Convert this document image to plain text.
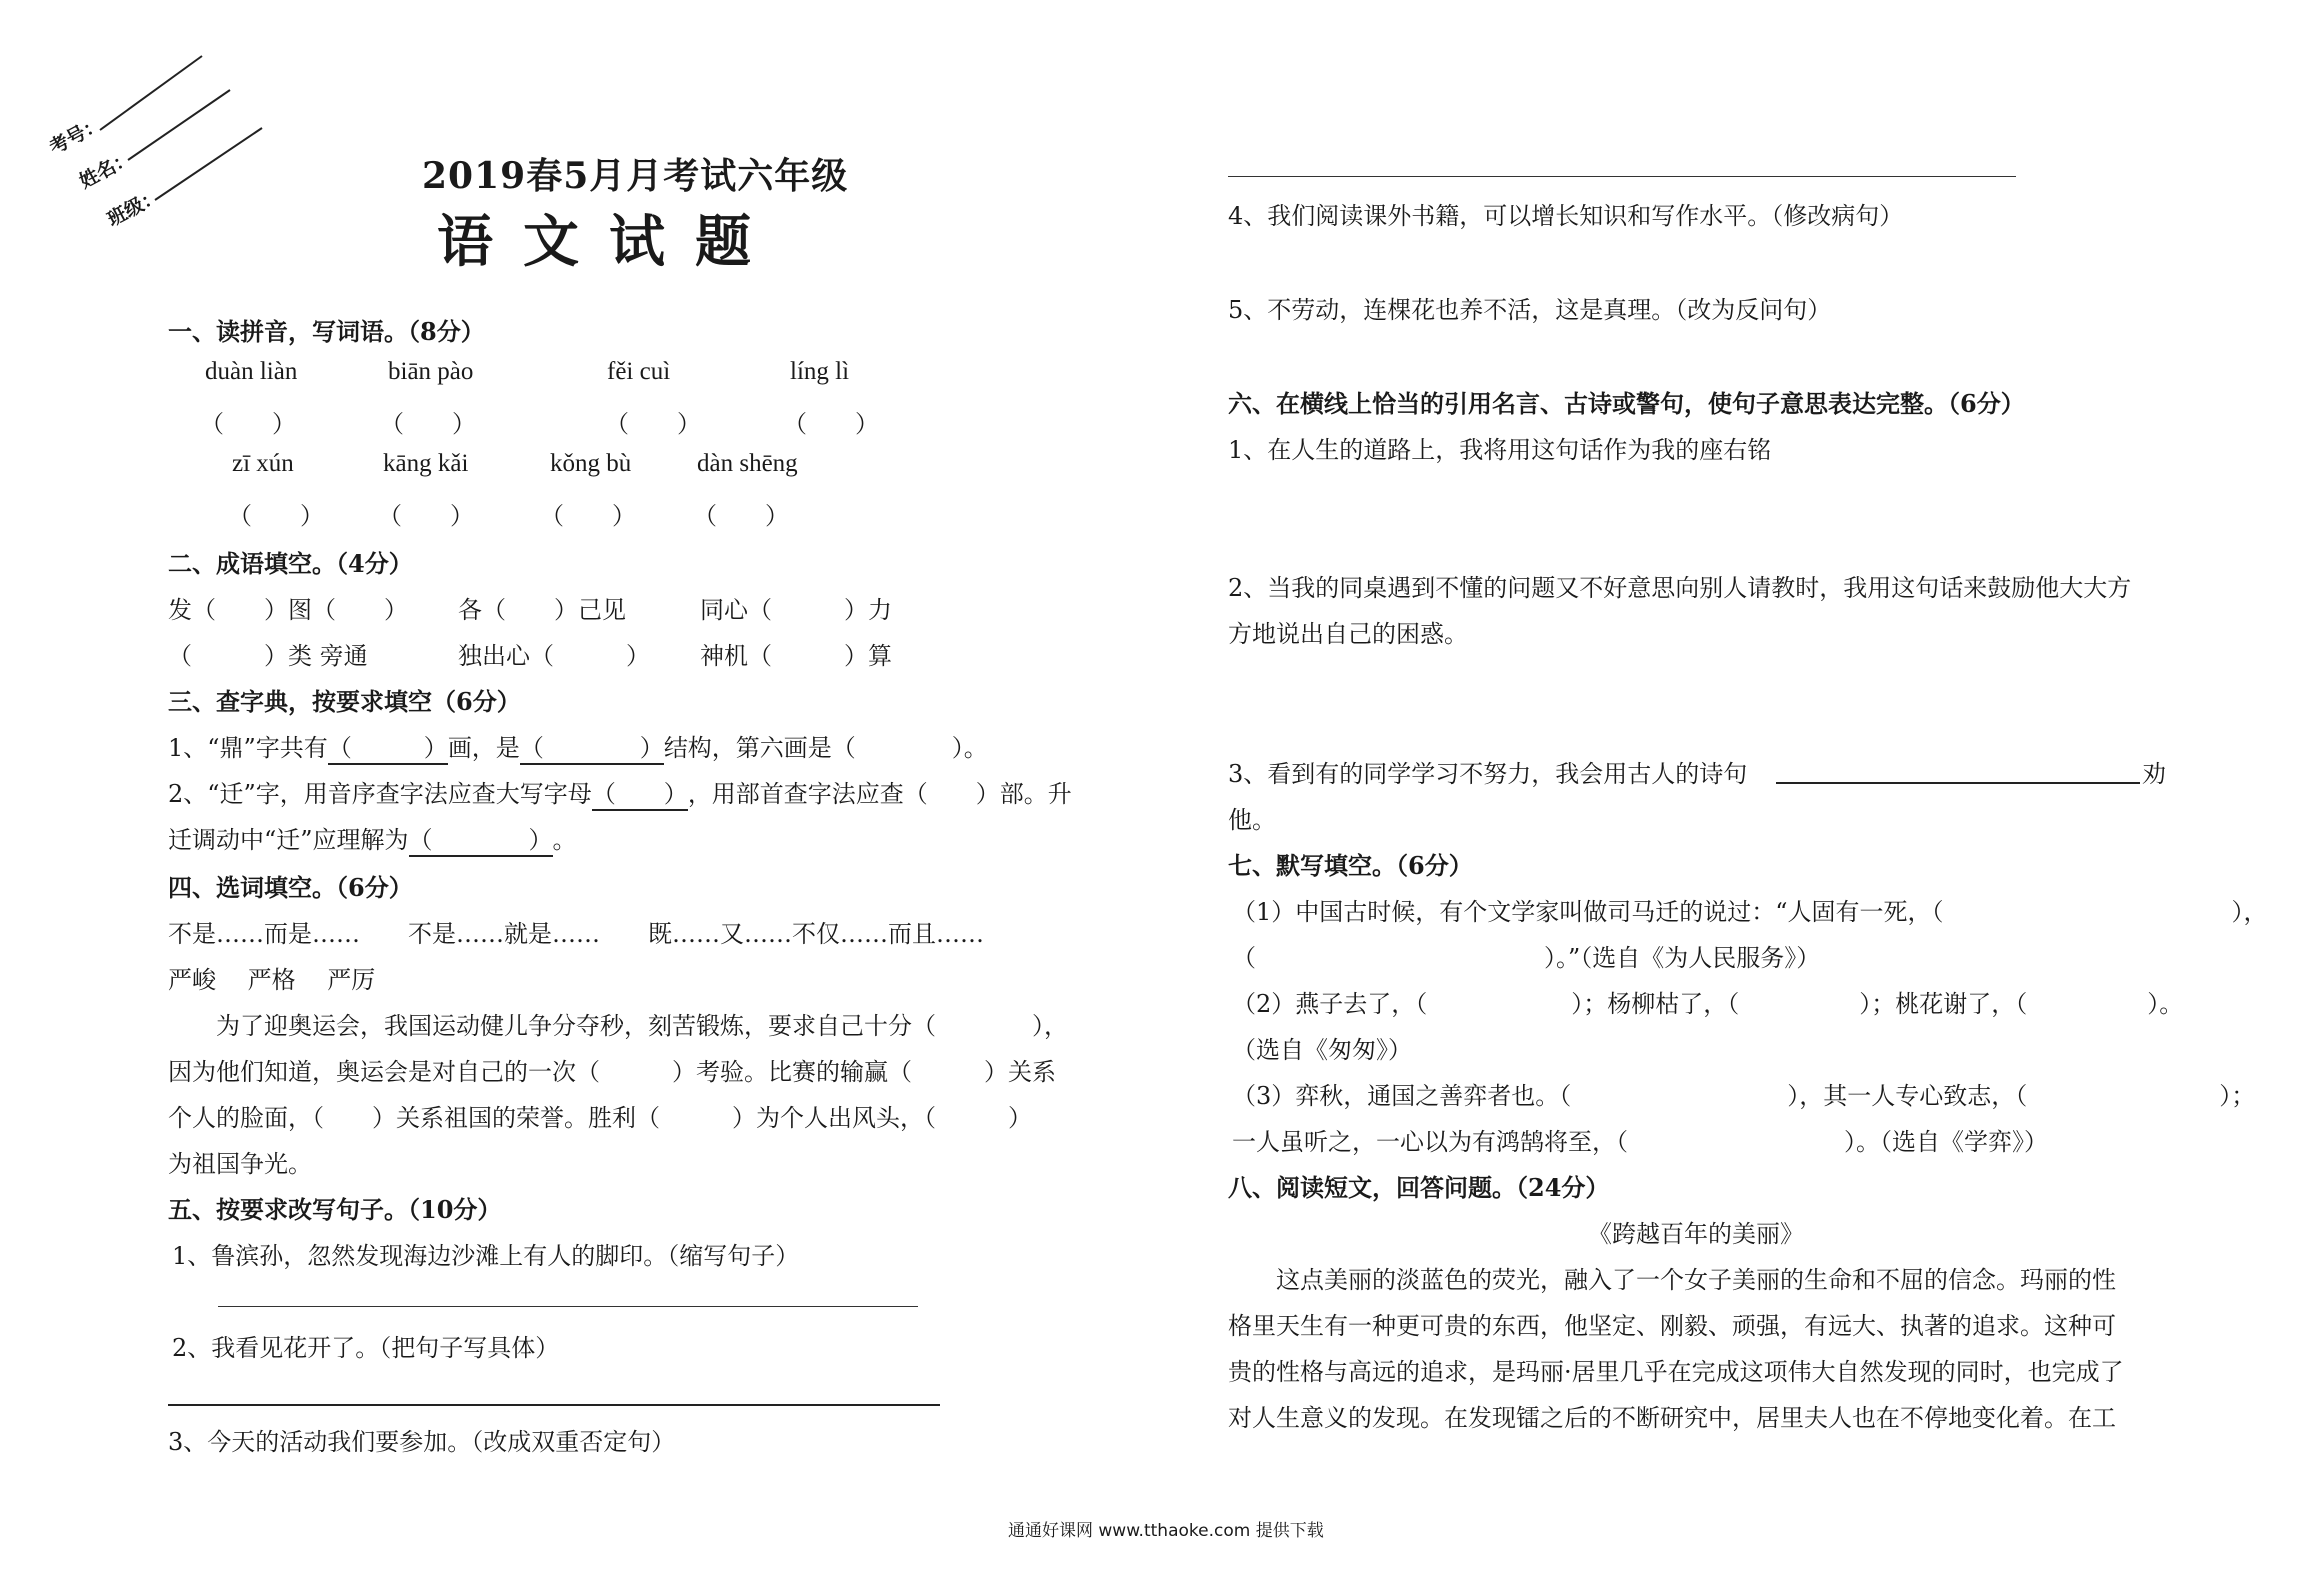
考号：
姓名：
班级：
2019春5月月考试六年级
语文试题
一、读拼音，写词语。（8分）
duàn liàn	biān pào	fěi cuì	líng lì
（　　）	（　　）	（　　）	（　　）
zī xún	kāng kǎi	kǒng bù	dàn shēng
（　　） （　　）	（　　） （　　）
二、成语填空。（4分）
发（　　）图（　　） 各（　　）己见	同心（　　　）力
（　　　）类 旁通	独出心（　　　） 神机（　　　）算
三、查字典，按要求填空（6分）
1、“鼎”字共有（　　　）画，是（　　　　）结构，第六画是（　　　　）。
2、“迁”字，用音序查字法应查大写字母（　　），用部首查字法应查（　　）部。升
迁调动中“迁”应理解为（　　　　）。
四、选词填空。（6分）
不是……而是……　　不是……就是……　　既……又……不仅……而且……
严峻　 严格　 严厉
　　为了迎奥运会，我国运动健儿争分夺秒，刻苦锻炼，要求自己十分（　　　　），
因为他们知道，奥运会是对自己的一次（　　　）考验。比赛的输赢（　　　）关系
个人的脸面，（　　）关系祖国的荣誉。胜利（　　　）为个人出风头，（　　　）
为祖国争光。
五、按要求改写句子。（10分）
1、鲁滨孙，忽然发现海边沙滩上有人的脚印。（缩写句子）
2、我看见花开了。（把句子写具体）
3、今天的活动我们要参加。（改成双重否定句）
4、我们阅读课外书籍，可以增长知识和写作水平。（修改病句）
5、不劳动，连棵花也养不活，这是真理。（改为反问句）
六、在横线上恰当的引用名言、古诗或警句，使句子意思表达完整。（6分）
1、在人生的道路上，我将用这句话作为我的座右铭
2、当我的同桌遇到不懂的问题又不好意思向别人请教时，我用这句话来鼓励他大大方
方地说出自己的困惑。
3、看到有的同学学习不努力，我会用古人的诗句	劝
他。
七、默写填空。（6分）
（1）中国古时候，有个文学家叫做司马迁的说过：“人固有一死，（　　　　　　　　　　　　），
（　　　　　　　　　　　　）。”（选自《为人民服务》）
（2）燕子去了，（　　　　　　）；杨柳枯了，（　　　　　）；桃花谢了，（　　　　　）。
（选自《匆匆》）
（3）弈秋，通国之善弈者也。（　　　　　　　　　），其一人专心致志，（　　　　　　　　）；
一人虽听之，一心以为有鸿鹄将至，（　　　　　　　　　）。（选自《学弈》）
八、阅读短文，回答问题。（24分）
《跨越百年的美丽》
　　这点美丽的淡蓝色的荧光，融入了一个女子美丽的生命和不屈的信念。玛丽的性
格里天生有一种更可贵的东西，他坚定、刚毅、顽强，有远大、执著的追求。这种可
贵的性格与高远的追求，是玛丽·居里几乎在完成这项伟大自然发现的同时，也完成了
对人生意义的发现。在发现镭之后的不断研究中，居里夫人也在不停地变化着。在工
通通好课网 www.tthaoke.com 提供下载
